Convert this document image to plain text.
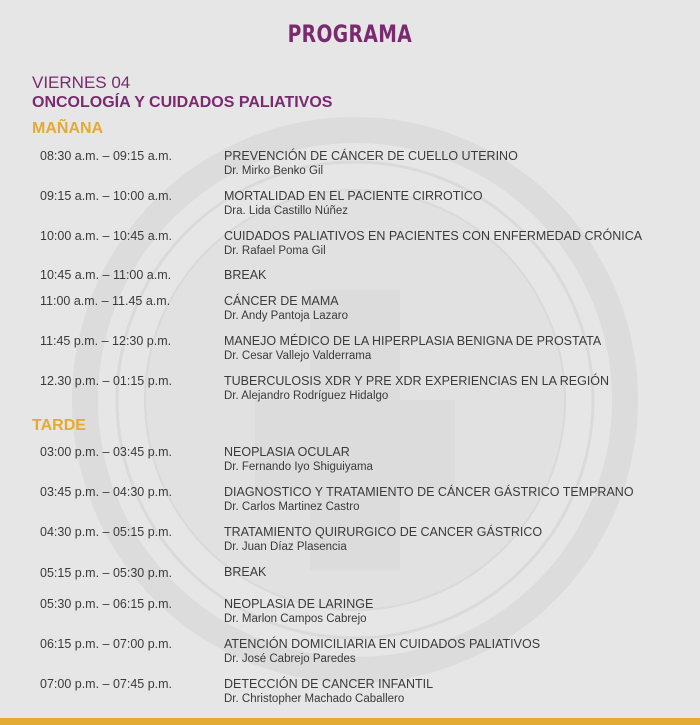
PROGRAMA
VIERNES 04
ONCOLOGÍA Y CUIDADOS PALIATIVOS
MAÑANA
08:30 a.m. – 09:15 a.m.	PREVENCIÓN DE CÁNCER DE CUELLO UTERINO
Dr. Mirko Benko Gil
09:15 a.m. – 10:00 a.m.	MORTALIDAD EN EL PACIENTE CIRROTICO
Dra. Lida Castillo Núñez
10:00 a.m. – 10:45 a.m.	CUIDADOS PALIATIVOS EN PACIENTES CON ENFERMEDAD CRÓNICA
Dr. Rafael Poma Gil
10:45 a.m. – 11:00 a.m.	BREAK
11:00 a.m. – 11.45 a.m.	CÁNCER DE MAMA
Dr. Andy Pantoja Lazaro
11:45 p.m. – 12:30 p.m.	MANEJO MÉDICO DE LA HIPERPLASIA BENIGNA DE PROSTATA
Dr. Cesar Vallejo Valderrama
12.30 p.m. – 01:15 p.m.	TUBERCULOSIS XDR Y PRE XDR EXPERIENCIAS EN LA REGIÓN
Dr. Alejandro Rodríguez Hidalgo
TARDE
03:00 p.m. – 03:45 p.m.	NEOPLASIA OCULAR
Dr. Fernando Iyo Shiguiyama
03:45 p.m. – 04:30 p.m.	DIAGNOSTICO Y TRATAMIENTO DE CÁNCER GÁSTRICO TEMPRANO
Dr. Carlos Martinez Castro
04:30 p.m. – 05:15 p.m.	TRATAMIENTO QUIRURGICO DE CANCER GÁSTRICO
Dr. Juan Díaz Plasencia
05:15 p.m. – 05:30 p.m.	BREAK
05:30 p.m. – 06:15 p.m.	NEOPLASIA DE LARINGE
Dr. Marlon Campos Cabrejo
06:15 p.m. – 07:00 p.m.	ATENCIÓN DOMICILIARIA EN CUIDADOS PALIATIVOS
Dr. José Cabrejo Paredes
07:00 p.m. – 07:45 p.m.	DETECCIÓN DE CANCER INFANTIL
Dr. Christopher Machado Caballero
